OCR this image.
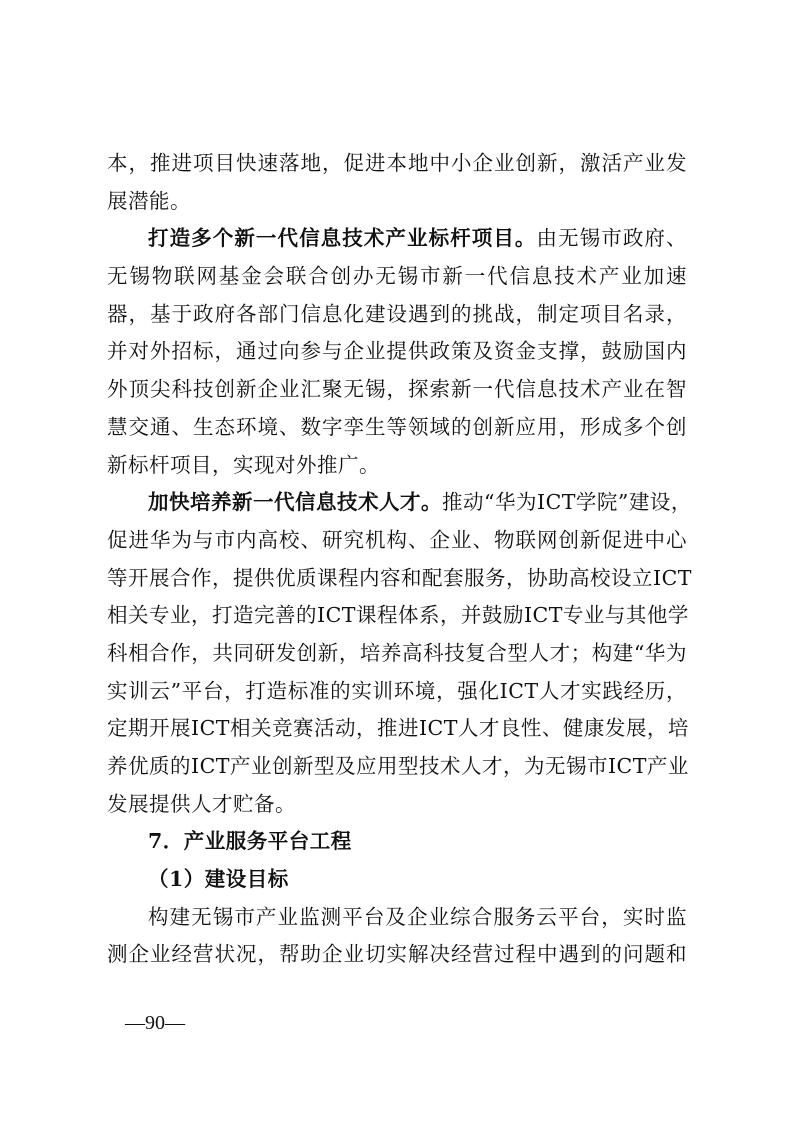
本，推进项目快速落地，促进本地中小企业创新，激活产业发
展潜能。
打造多个新一代信息技术产业标杆项目。由无锡市政府、
无锡物联网基金会联合创办无锡市新一代信息技术产业加速
器，基于政府各部门信息化建设遇到的挑战，制定项目名录，
并对外招标，通过向参与企业提供政策及资金支撑，鼓励国内
外顶尖科技创新企业汇聚无锡，探索新一代信息技术产业在智
慧交通、生态环境、数字孪生等领域的创新应用，形成多个创
新标杆项目，实现对外推广。
加快培养新一代信息技术人才。推动“华为ICT学院”建设，
促进华为与市内高校、研究机构、企业、物联网创新促进中心
等开展合作，提供优质课程内容和配套服务，协助高校设立ICT
相关专业，打造完善的ICT课程体系，并鼓励ICT专业与其他学
科相合作，共同研发创新，培养高科技复合型人才；构建“华为
实训云”平台，打造标准的实训环境，强化ICT人才实践经历，
定期开展ICT相关竞赛活动，推进ICT人才良性、健康发展，培
养优质的ICT产业创新型及应用型技术人才，为无锡市ICT产业
发展提供人才贮备。
7．产业服务平台工程
（1）建设目标
构建无锡市产业监测平台及企业综合服务云平台，实时监
测企业经营状况，帮助企业切实解决经营过程中遇到的问题和
—90—
